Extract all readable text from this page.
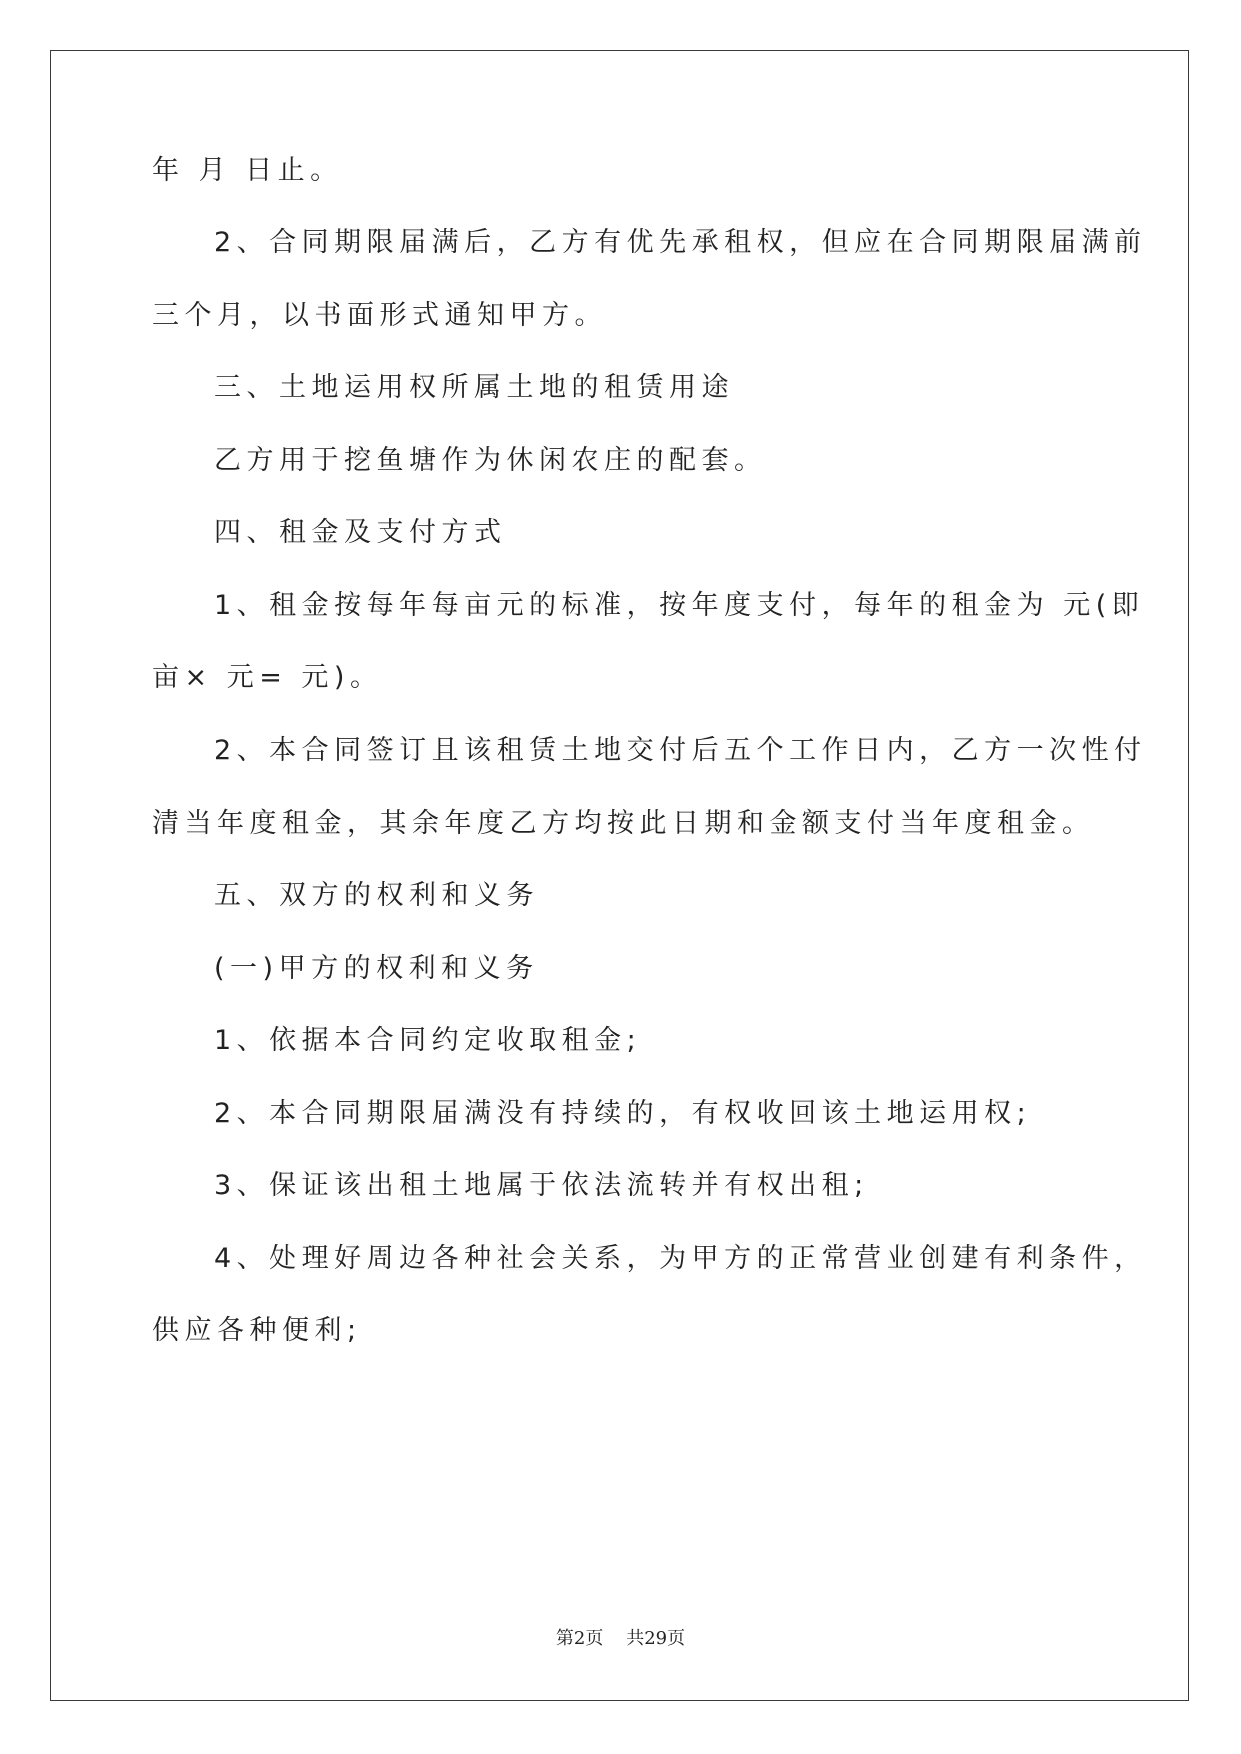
年 月 日止。

2、合同期限届满后，乙方有优先承租权，但应在合同期限届满前

三个月，以书面形式通知甲方。

三、土地运用权所属土地的租赁用途

乙方用于挖鱼塘作为休闲农庄的配套。

四、租金及支付方式

1、租金按每年每亩元的标准，按年度支付，每年的租金为 元(即

亩× 元= 元)。

2、本合同签订且该租赁土地交付后五个工作日内，乙方一次性付

清当年度租金，其余年度乙方均按此日期和金额支付当年度租金。

五、双方的权利和义务

(一)甲方的权利和义务

1、依据本合同约定收取租金;

2、本合同期限届满没有持续的，有权收回该土地运用权;

3、保证该出租土地属于依法流转并有权出租;

4、处理好周边各种社会关系，为甲方的正常营业创建有利条件，

供应各种便利;

第2页    共29页
